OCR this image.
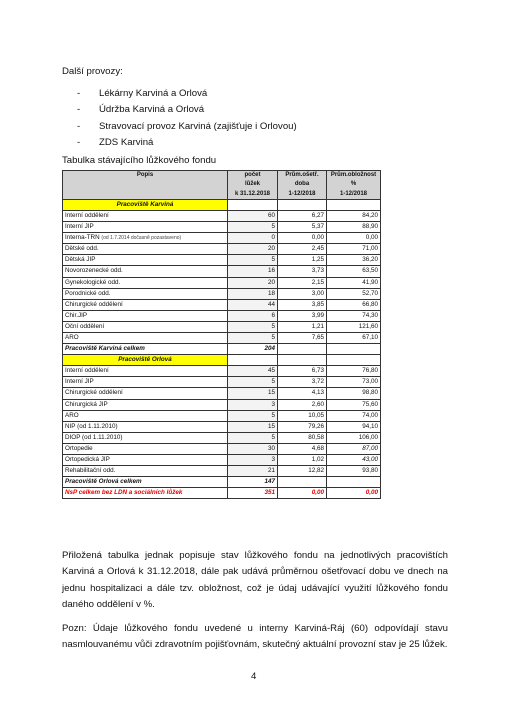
Další provozy:
- Lékárny Karviná a Orlová
- Údržba Karviná a Orlová
- Stravovací provoz Karviná (zajišťuje i Orlovou)
- ZDS Karviná
Tabulka stávajícího lůžkového fondu
Popis	počet	Prům.ošetř.	Prům.obložnost
	lůžek	doba	%
	k 31.12.2018	1-12/2018	1-12/2018
Pracoviště Karviná			
Interní oddělení	60	6,27	84,20
Interní JIP	5	5,37	88,90
Interna-TRN (od 1.7.2014 dočasně pozastaveno)	0	0,00	0,00
Dětské odd.	20	2,45	71,00
Dětská JIP	5	1,25	36,20
Novorozenecké odd.	16	3,73	63,50
Gynekologické odd.	20	2,15	41,90
Porodnické odd.	18	3,00	52,70
Chirurgické oddělení	44	3,85	66,80
Chir.JIP	6	3,99	74,30
Oční oddělení	5	1,21	121,60
ARO	5	7,65	67,10
Pracoviště Karviná celkem	204		
Pracoviště Orlová			
Interní oddělení	45	6,73	76,80
Interní JIP	5	3,72	73,00
Chirurgické oddělení	15	4,13	98,80
Chirurgická JIP	3	2,60	75,60
ARO	5	10,05	74,00
NIP (od 1.11.2010)	15	79,26	94,10
DIOP (od 1.11.2010)	5	80,58	106,00
Ortopedie	30	4,68	87,00
Ortopedická JIP	3	1,02	43,00
Rehabilitační odd.	21	12,82	93,80
Pracoviště Orlová celkem	147		
NsP celkem bez LDN a sociálních lůžek	351	0,00	0,00
Přiložená tabulka jednak popisuje stav lůžkového fondu na jednotlivých pracovištích Karviná a Orlová k 31.12.2018, dále pak udává průměrnou ošetřovací dobu ve dnech na jednu hospitalizaci a dále tzv. obložnost, což je údaj udávající využití lůžkového fondu daného oddělení v %.
Pozn: Údaje lůžkového fondu uvedené u interny Karviná-Ráj (60) odpovídají stavu nasmlouvanému vůči zdravotním pojišťovnám, skutečný aktuální provozní stav je 25 lůžek.
4
